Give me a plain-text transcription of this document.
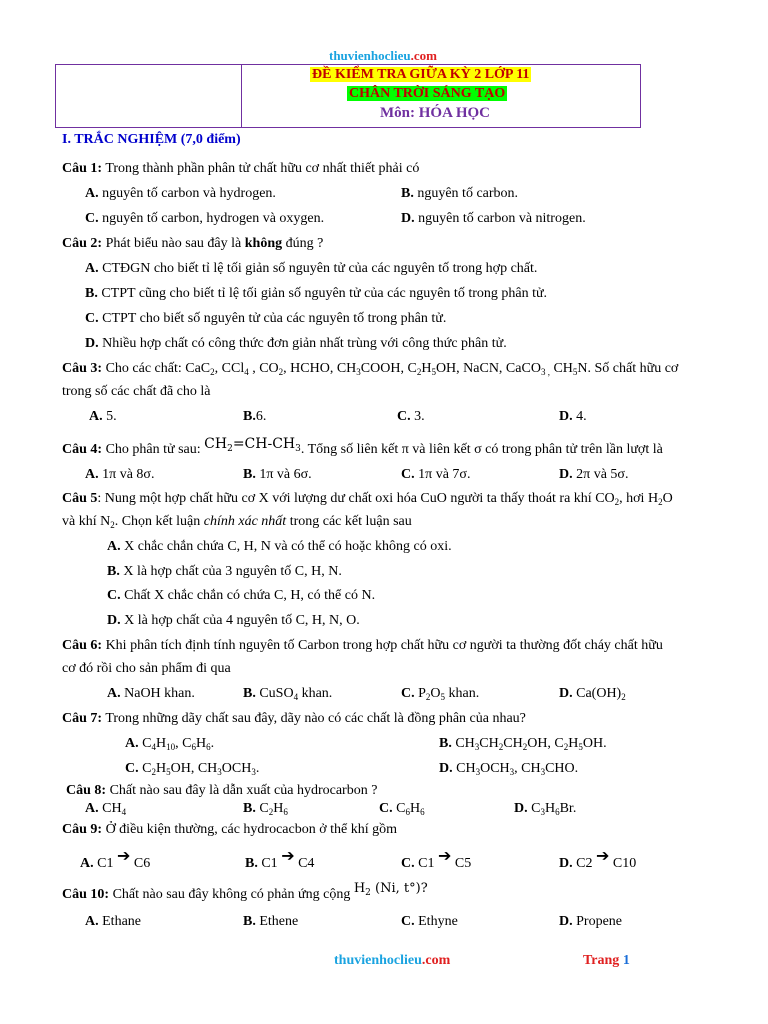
thuvienhoclieu.com
ĐỀ KIỂM TRA GIỮA KỲ 2 LỚP 11
CHÂN TRỜI SÁNG TẠO
Môn: HÓA HỌC
I. TRẮC NGHIỆM (7,0 điểm)
Câu 1: Trong thành phần phân tử chất hữu cơ nhất thiết phải có
A. nguyên tố carbon và hydrogen.	B. nguyên tố carbon.
C. nguyên tố carbon, hydrogen và oxygen.	D. nguyên tố carbon và nitrogen.
Câu 2: Phát biểu nào sau đây là không đúng ?
A. CTĐGN cho biết tỉ lệ tối giản số nguyên tử của các nguyên tố trong hợp chất.
B. CTPT cũng cho biết tỉ lệ tối giản số nguyên tử của các nguyên tố trong phân tử.
C. CTPT cho biết số nguyên tử của các nguyên tố trong phân tử.
D. Nhiều hợp chất có công thức đơn giản nhất trùng với công thức phân tử.
Câu 3: Cho các chất: CaC$_2$, CCl$_4$ , $CO_2$, HCHO, $CH_3COOH$, $C_2H_5OH$, NaCN, CaCO$_{3 ,}$ $CH_5N$. Số chất hữu cơ
trong số các chất đã cho là
A. 5.	B.6.	C. 3.	D. 4.
Câu 4: Cho phân tử sau: $CH_2=CH-CH_3$. Tổng số liên kết π và liên kết σ có trong phân tử trên lần lượt là
A. 1π và 8σ.	B. 1π và 6σ.	C. 1π và 7σ.	D. 2π và 5σ.
Câu 5: Nung một hợp chất hữu cơ X với lượng dư chất oxi hóa CuO người ta thấy thoát ra khí $CO_2$, hơi $H_2O$
và khí $N_2$. Chọn kết luận chính xác nhất trong các kết luận sau
A. X chắc chắn chứa C, H, N và có thể có hoặc không có oxi.
B. X là hợp chất của 3 nguyên tố C, H, N.
C. Chất X chắc chắn có chứa C, H, có thể có N.
D. X là hợp chất của 4 nguyên tố C, H, N, O.
Câu 6: Khi phân tích định tính nguyên tố Carbon trong hợp chất hữu cơ người ta thường đốt cháy chất hữu
cơ đó rồi cho sản phẩm đi qua
A. NaOH khan.	B. CuSO$_4$ khan.	C. $P_2O_5$ khan.	D. $Ca(OH)_2$
Câu 7: Trong những dãy chất sau đây, dãy nào có các chất là đồng phân của nhau?
A. $C_4H_{10}$, $C_6H_6$.	B. $CH_3CH_2CH_2OH$, $C_2H_5OH$.
C. $C_2H_5OH$, $CH_3OCH_3$.	D. $CH_3OCH_3$, $CH_3CHO$.
Câu 8: Chất nào sau đây là dẫn xuất của hydrocarbon ?
A. $CH_4$	B. $C_2H_6$	C. $C_6H_6$	D. $C_3H_6Br$.
Câu 9: Ở điều kiện thường, các hydrocacbon ở thể khí gồm
A. C1 ➔ C6	B. C1 ➔ C4	C. C1 ➔ C5	D. C2 ➔ C10
Câu 10: Chất nào sau đây không có phản ứng cộng $H_2$ (Ni, t°)?
A. Ethane	B. Ethene	C. Ethyne	D. Propene
thuvienhoclieu.com	Trang 1
